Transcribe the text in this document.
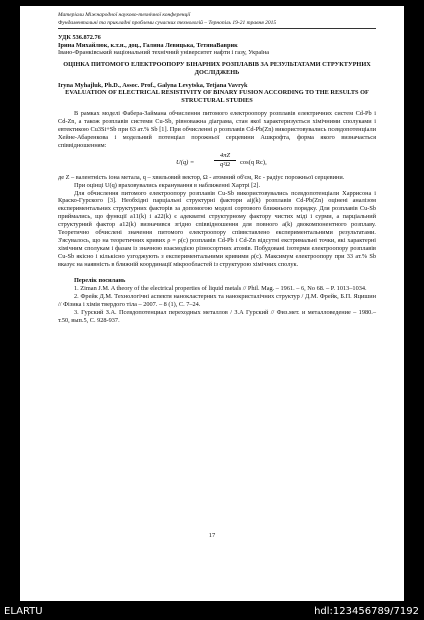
Матеріали Міжнародної науково-технічної конференції
Фундаментальні та прикладні проблеми сучасних технологій – Тернопіль 19-21 травня 2015
УДК 536.872.76
Ірина Михайлюк, к.т.н., доц., Галина Левицька, ТетянаВаврик
Івано-Франківський національний технічний університет нафти і газу, Україна
ОЦІНКА ПИТОМОГО ЕЛЕКТРООПОРУ БІНАРНИХ РОЗПЛАВІВ ЗА РЕЗУЛЬТАТАМИ СТРУКТУРНИХ ДОСЛІДЖЕНЬ
Iryna Myhajluk, Ph.D., Assoc. Prof., Galyna Levytska, Tetjana Vavryk
EVALUATION OF ELECTRICAL RESISTIVITY OF BINARY FUSION ACCORDING TO THE RESULTS OF STRUCTURAL STUDIES

В рамках моделі Фабера-Займана обчислення питомого електроопору розплавів електричних систем Cd-Pb і Cd-Zn, а також розплавів системи Cu-Sb, рівноважна діаграма, стан якої характеризується хімічними сполуками і евтектикою Cu3Si+Sb при 63 ат.% Sb [1]. При обчисленні ρ розплавів Cd-Pb(Zn) використовувались псевдопотенціали Хейне-Абаренкова і модельний потенціал порожньої серцевини Ашкрофта, форма якого визначається співвідношенням:

U(q) =	$\frac{4\pi Z}{\text{q²Ω}} \cos(q$ Rc),

де Z – валентність іона метала, q – хвильовий вектор, Ω - атомний об'єм, Rc - радіус порожньої серцевини.

При оцінці U(q) враховувались екранування в наближенні Хартрі [2].

Для обчислення питомого електроопору розплавів Cu-Sb використовувались псевдопотенціали Харрисона і Краско-Гурского [3]. Необхідні парціальні структурні фактори aij(k) розплавів Cd-Pb(Zn) оцінені аналізом експериментальних структурних факторів за допомогою моделі сортового ближнього порядку. Для розплавів Cu-Sb приймались, що функції a11(k) і a22(k) є адекватні структурному фактору чистих міді і сурми, а парціальний структурний фактор a12(k) визначився згідно співвідношення для повного a(k) двокомпонентного розплаву. Теоретично обчислені значення питомого електроопору співвставлено експериментальними результатами. З'ясувалось, що на теоретичних кривих ρ = ρ(c) розплавів Cd-Pb і Cd-Zn відсутні екстримальні точки, які характерні хімічним сполукам і фазам із значною взаємодією різносортних атомів. Побудовані ізотерми електроопору розплавів Cu-Sb якісно і кількісно узгоджують з експериментальними кривими ρ(c). Максимум електроопору при 33 ат.% Sb вказує на наявність в ближній координації мікрообластей із структурою хімічних сполук.

Перелік посилань
1. Ziman J.M. A theory of the electrical properties of liquid metals // Phil. Mag. – 1961. – 6, No 68. – P. 1013–1034.
2. Фрейк Д.М. Технологічні аспекти нанокластерних та нанокристалічних структур / Д.М. Фрейк, Б.П. Яцишин // Фізика і хімія твердого тіла – 2007. – 8 (1), С. 7–24.
3. Гурский З.А. Псевдопотенциал переходных металлов / З.А Гурский // Физ.мет. и металловедение – 1980.– т.50, вып.5, С. 928-937.
17
ELARTU	hdl:123456789/7192
